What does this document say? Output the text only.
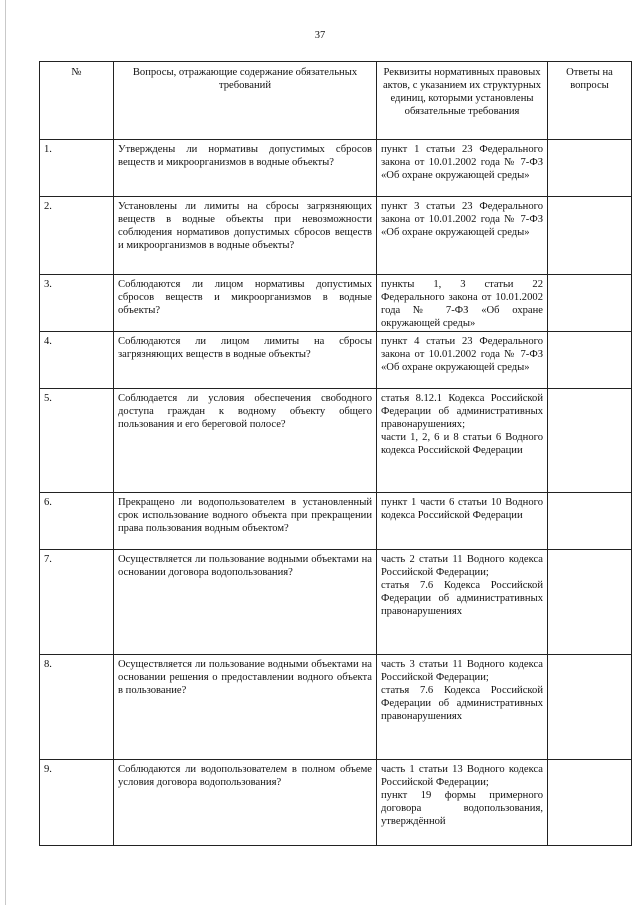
37
№	Вопросы, отражающие содержание обязательных требований	Реквизиты нормативных правовых актов, с указанием их структурных единиц, которыми установлены обязательные требования	Ответы на вопросы
1.	Утверждены ли нормативы допустимых сбросов веществ и микроорганизмов в водные объекты?	пункт 1 статьи 23 Федерального закона от 10.01.2002 года № 7-ФЗ «Об охране окружающей среды»	

2.	Установлены ли лимиты на сбросы загрязняющих веществ в водные объекты при невозможности соблюдения нормативов допустимых сбросов веществ и микроорганизмов в водные объекты?	пункт 3 статьи 23 Федерального закона от 10.01.2002 года № 7-ФЗ «Об охране окружающей среды»	

3.	Соблюдаются ли лицом нормативы допустимых сбросов веществ и микроорганизмов в водные объекты?	пункты 1, 3 статьи 22 Федерального закона от 10.01.2002 года № 7-ФЗ «Об охране окружающей среды»	

4.	Соблюдаются ли лицом лимиты на сбросы загрязняющих веществ в водные объекты?	пункт 4 статьи 23 Федерального закона от 10.01.2002 года № 7-ФЗ «Об охране окружающей среды»	

5.	Соблюдается ли условия обеспечения свободного доступа граждан к водному объекту общего пользования и его береговой полосе?	статья 8.12.1 Кодекса Российской Федерации об административных правонарушениях;
части 1, 2, 6 и 8 статьи 6 Водного кодекса Российской Федерации	

6.	Прекращено ли водопользователем в установленный срок использование водного объекта при прекращении права пользования водным объектом?	пункт 1 части 6 статьи 10 Водного кодекса Российской Федерации	

7.	Осуществляется ли пользование водными объектами на основании договора водопользования?	часть 2 статьи 11 Водного кодекса Российской Федерации;
статья 7.6 Кодекса Российской Федерации об административных правонарушениях	

8.	Осуществляется ли пользование водными объектами на основании решения о предоставлении водного объекта в пользование?	часть 3 статьи 11 Водного кодекса Российской Федерации;
статья 7.6 Кодекса Российской Федерации об административных правонарушениях	

9.	Соблюдаются ли водопользователем в полном объеме условия договора водопользования?	часть 1 статьи 13 Водного кодекса Российской Федерации;
пункт 19 формы примерного договора водопользования, утверждённой	
